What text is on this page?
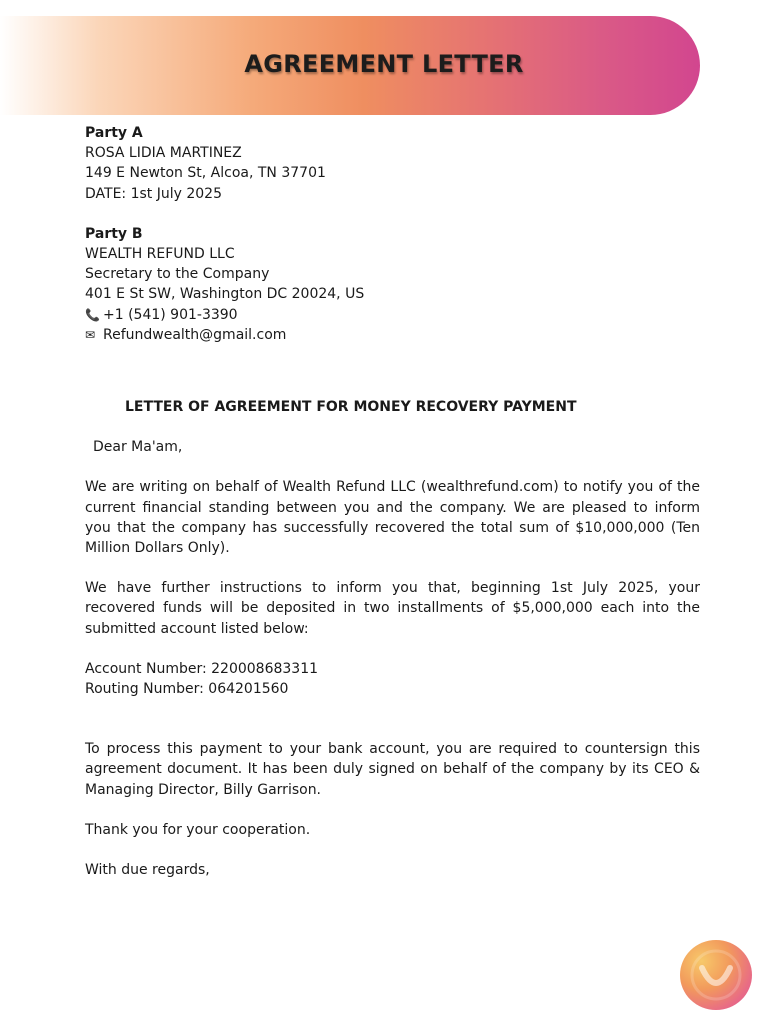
AGREEMENT LETTER

Party A

ROSA LIDIA MARTINEZ

149 E Newton St, Alcoa, TN 37701

DATE: 1st July 2025

Party B

WEALTH REFUND LLC

Secretary to the Company

401 E St SW, Washington DC 20024, US

📞 +1 (541) 901-3390

✉ Refundwealth@gmail.com

LETTER OF AGREEMENT FOR MONEY RECOVERY PAYMENT

Dear Ma'am,

We are writing on behalf of Wealth Refund LLC (wealthrefund.com) to notify you of the current financial standing between you and the company. We are pleased to inform you that the company has successfully recovered the total sum of $10,000,000 (Ten Million Dollars Only).

We have further instructions to inform you that, beginning 1st July 2025, your recovered funds will be deposited in two installments of $5,000,000 each into the submitted account listed below:

Account Number: 220008683311

Routing Number: 064201560

To process this payment to your bank account, you are required to countersign this agreement document. It has been duly signed on behalf of the company by its CEO & Managing Director, Billy Garrison.

Thank you for your cooperation.

With due regards,
